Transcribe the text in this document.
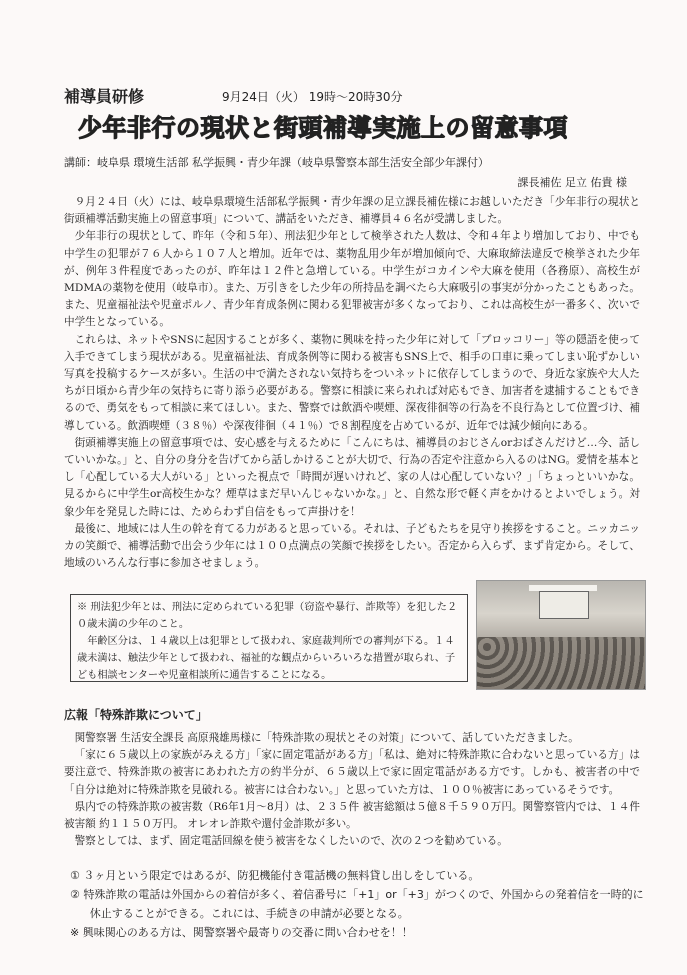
補導員研修	9月24日（火） 19時～20時30分
少年非行の現状と街頭補導実施上の留意事項
講師：岐阜県 環境生活部 私学振興・青少年課（岐阜県警察本部生活安全部少年課付）
課長補佐 足立 佑貴 様

９月２４日（火）には、岐阜県環境生活部私学振興・青少年課の足立課長補佐様にお越しいただき「少年非行の現状と街頭補導活動実施上の留意事項」について、講話をいただき、補導員４６名が受講しました。

少年非行の現状として、昨年（令和５年）、刑法犯少年として検挙された人数は、令和４年より増加しており、中でも中学生の犯罪が７６人から１０７人と増加。近年では、薬物乱用少年が増加傾向で、大麻取締法違反で検挙された少年が、例年３件程度であったのが、昨年は１２件と急増している。中学生がコカインや大麻を使用（各務原）、高校生がMDMAの薬物を使用（岐阜市）。また、万引きをした少年の所持品を調べたら大麻吸引の事実が分かったこともあった。また、児童福祉法や児童ポルノ、青少年育成条例に関わる犯罪被害が多くなっており、これは高校生が一番多く、次いで中学生となっている。

これらは、ネットやSNSに起因することが多く、薬物に興味を持った少年に対して「ブロッコリー」等の隠語を使って入手できてしまう現状がある。児童福祉法、育成条例等に関わる被害もSNS上で、相手の口車に乗ってしまい恥ずかしい写真を投稿するケースが多い。生活の中で満たされない気持ちをついネットに依存してしまうので、身近な家族や大人たちが日頃から青少年の気持ちに寄り添う必要がある。警察に相談に来られれば対応もでき、加害者を逮捕することもできるので、勇気をもって相談に来てほしい。また、警察では飲酒や喫煙、深夜徘徊等の行為を不良行為として位置づけ、補導している。飲酒喫煙（３８％）や深夜徘徊（４１％）で８割程度を占めているが、近年では減少傾向にある。

街頭補導実施上の留意事項では、安心感を与えるために「こんにちは、補導員のおじさんorおばさんだけど…今、話していいかな。」と、自分の身分を告げてから話しかけることが大切で、行為の否定や注意から入るのはNG。愛情を基本とし「心配している大人がいる」といった視点で「時間が遅いけれど、家の人は心配していない？」「ちょっといいかな。見るからに中学生or高校生かな？煙草はまだ早いんじゃないかな。」と、自然な形で軽く声をかけるとよいでしょう。対象少年を発見した時には、ためらわず自信をもって声掛けを！

最後に、地域には人生の幹を育てる力があると思っている。それは、子どもたちを見守り挨拶をすること。ニッカニッカの笑顔で、補導活動で出会う少年には１００点満点の笑顔で挨拶をしたい。否定から入らず、まず肯定から。そして、地域のいろんな行事に参加させましょう。

※ 刑法犯少年とは、刑法に定められている犯罪（窃盗や暴行、詐欺等）を犯した２０歳未満の少年のこと。

年齢区分は、１４歳以上は犯罪として扱われ、家庭裁判所での審判が下る。１４歳未満は、触法少年として扱われ、福祉的な観点からいろいろな措置が取られ、子ども相談センターや児童相談所に通告することになる。

広報「特殊詐欺について」

関警察署 生活安全課長 高原飛雄馬様に「特殊詐欺の現状とその対策」について、話していただきました。

「家に６５歳以上の家族がみえる方」「家に固定電話がある方」「私は、絶対に特殊詐欺に合わないと思っている方」は要注意で、特殊詐欺の被害にあわれた方の約半分が、６５歳以上で家に固定電話がある方です。しかも、被害者の中で「自分は絶対に特殊詐欺を見破れる。被害には合わない。」と思っていた方は、１００％被害にあっているそうです。

県内での特殊詐欺の被害数（R6年1月～8月）は、２３５件 被害総額は５億８千５９０万円。関警察管内では、１４件 被害額 約１１５０万円。 オレオレ詐欺や還付金詐欺が多い。

警察としては、まず、固定電話回線を使う被害をなくしたいので、次の２つを勧めている。

① ３ヶ月という限定ではあるが、防犯機能付き電話機の無料貸し出しをしている。
② 特殊詐欺の電話は外国からの着信が多く、着信番号に「+1」or「+3」がつくので、外国からの発着信を一時的に休止することができる。これには、手続きの申請が必要となる。
※ 興味関心のある方は、関警察署や最寄りの交番に問い合わせを！！
